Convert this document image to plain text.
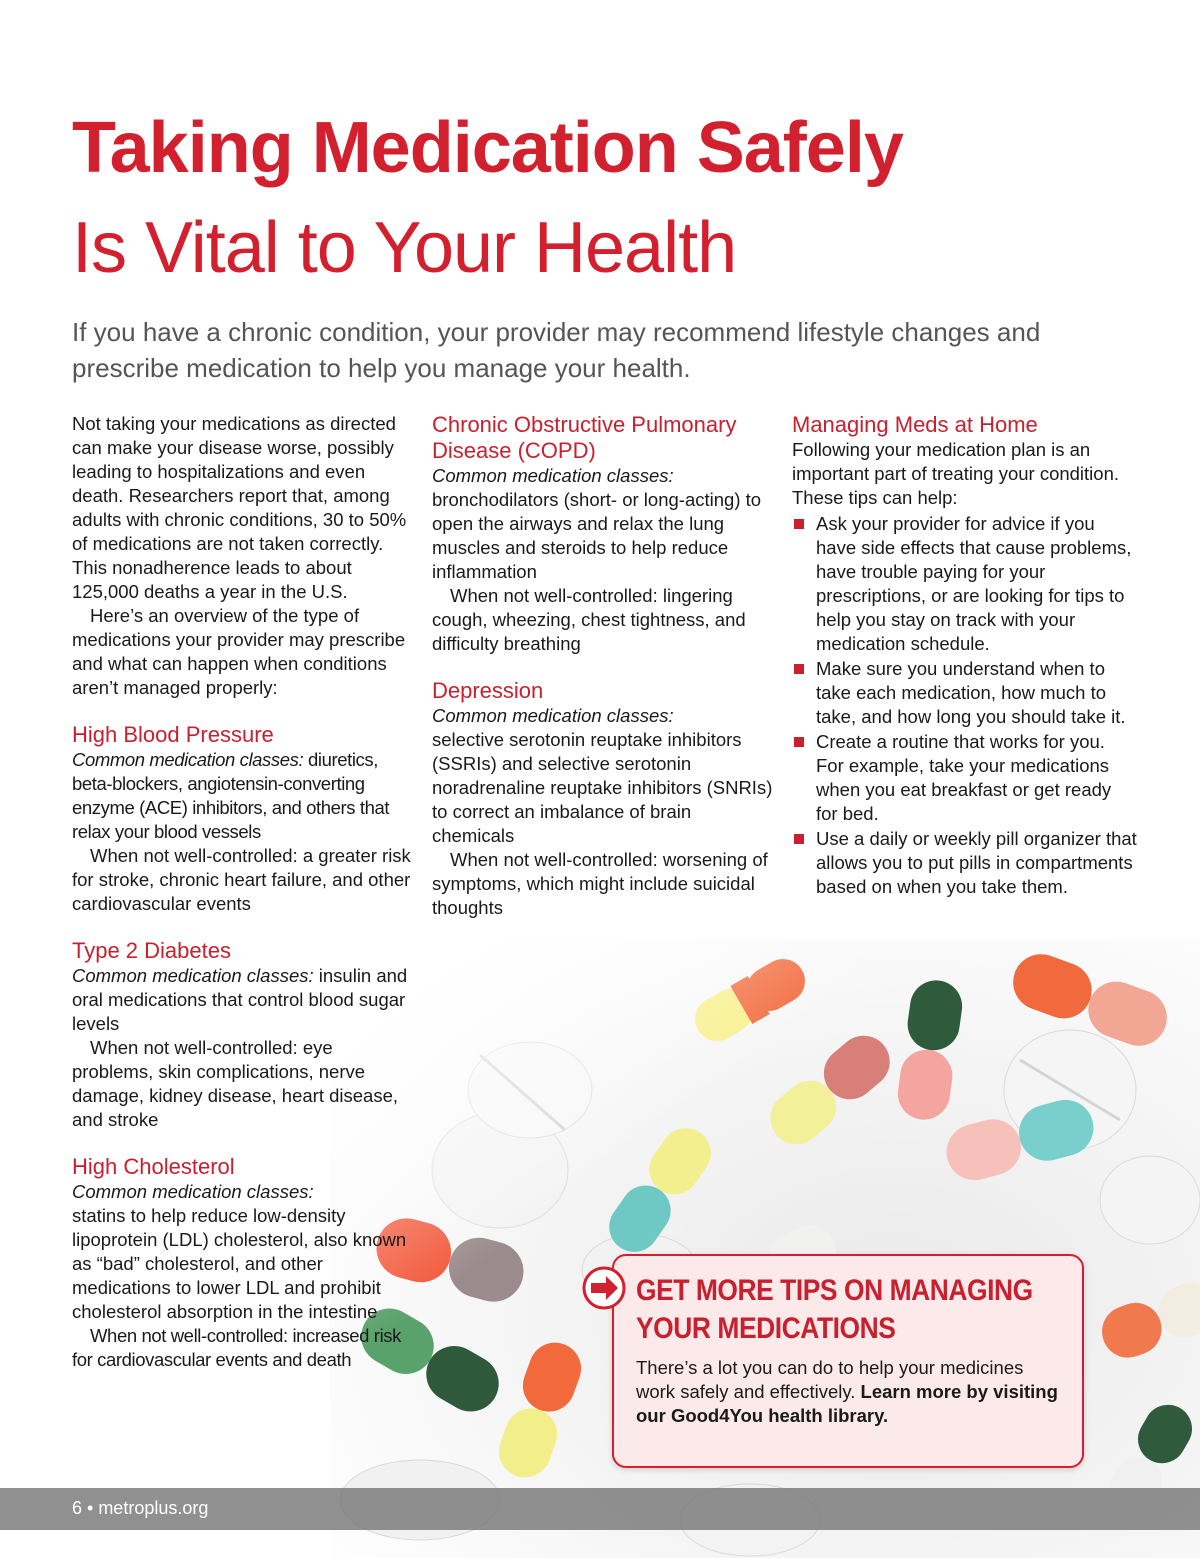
Taking Medication Safely
Is Vital to Your Health

If you have a chronic condition, your provider may recommend lifestyle changes and prescribe medication to help you manage your health.

Not taking your medications as directed can make your disease worse, possibly leading to hospitalizations and even death. Researchers report that, among adults with chronic conditions, 30 to 50% of medications are not taken correctly. This nonadherence leads to about 125,000 deaths a year in the U.S.

Here’s an overview of the type of medications your provider may prescribe and what can happen when conditions aren’t managed properly:

High Blood Pressure

Common medication classes: diuretics, beta-blockers, angiotensin-converting enzyme (ACE) inhibitors, and others that relax your blood vessels

When not well-controlled: a greater risk for stroke, chronic heart failure, and other cardiovascular events

Type 2 Diabetes

Common medication classes: insulin and oral medications that control blood sugar levels

When not well-controlled: eye problems, skin complications, nerve damage, kidney disease, heart disease, and stroke

High Cholesterol

Common medication classes:

statins to help reduce low-density lipoprotein (LDL) cholesterol, also known as “bad” cholesterol, and other medications to lower LDL and prohibit cholesterol absorption in the intestine

When not well-controlled: increased risk for cardiovascular events and death

Chronic Obstructive Pulmonary Disease (COPD)

Common medication classes:

bronchodilators (short- or long-acting) to open the airways and relax the lung muscles and steroids to help reduce inflammation

When not well-controlled: lingering cough, wheezing, chest tightness, and difficulty breathing

Depression

Common medication classes:

selective serotonin reuptake inhibitors (SSRIs) and selective serotonin noradrenaline reuptake inhibitors (SNRIs) to correct an imbalance of brain chemicals

When not well-controlled: worsening of symptoms, which might include suicidal thoughts

Managing Meds at Home

Following your medication plan is an important part of treating your condition. These tips can help:

Ask your provider for advice if you have side effects that cause problems, have trouble paying for your prescriptions, or are looking for tips to help you stay on track with your medication schedule.
Make sure you understand when to take each medication, how much to take, and how long you should take it.
Create a routine that works for you. For example, take your medications when you eat breakfast or get ready for bed.
Use a daily or weekly pill organizer that allows you to put pills in compartments based on when you take them.

GET MORE TIPS ON MANAGING
YOUR MEDICATIONS

There’s a lot you can do to help your medicines work safely and effectively. Learn more by visiting our Good4You health library.

6 • metroplus.org
